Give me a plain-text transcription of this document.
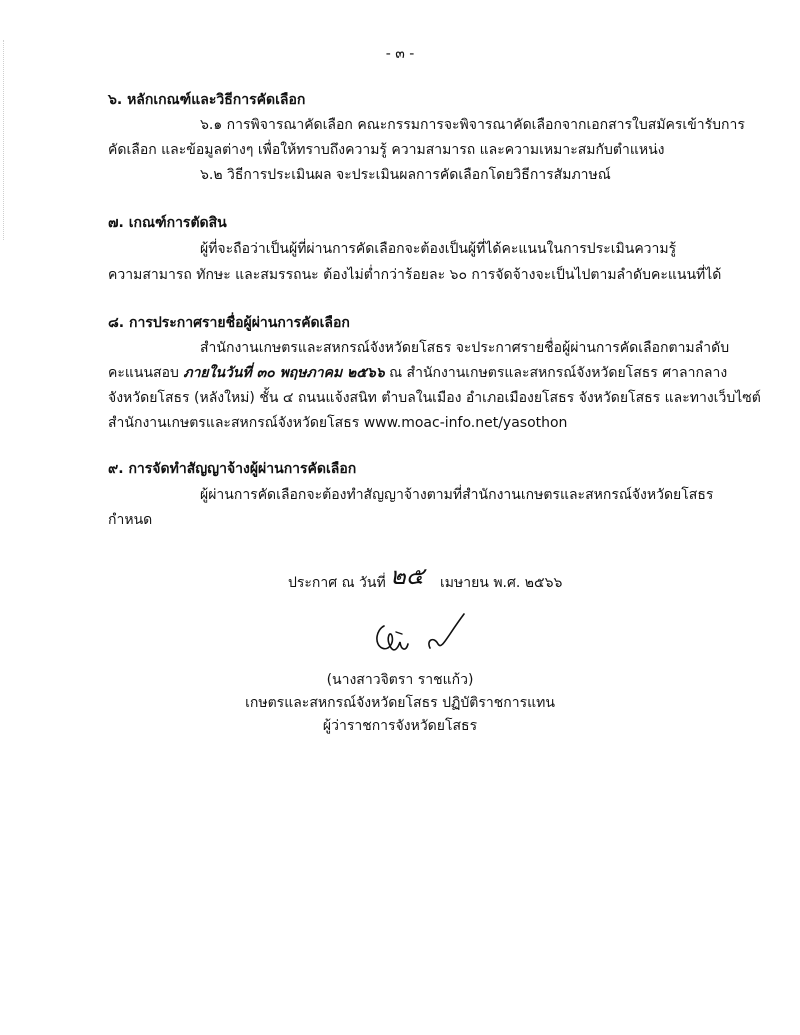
- ๓ -
๖. หลักเกณฑ์และวิธีการคัดเลือก
๖.๑ การพิจารณาคัดเลือก คณะกรรมการจะพิจารณาคัดเลือกจากเอกสารใบสมัครเข้ารับการ
คัดเลือก และข้อมูลต่างๆ เพื่อให้ทราบถึงความรู้ ความสามารถ และความเหมาะสมกับตำแหน่ง
๖.๒ วิธีการประเมินผล จะประเมินผลการคัดเลือกโดยวิธีการสัมภาษณ์
๗. เกณฑ์การตัดสิน
ผู้ที่จะถือว่าเป็นผู้ที่ผ่านการคัดเลือกจะต้องเป็นผู้ที่ได้คะแนนในการประเมินความรู้
ความสามารถ ทักษะ และสมรรถนะ ต้องไม่ต่ำกว่าร้อยละ ๖๐ การจัดจ้างจะเป็นไปตามลำดับคะแนนที่ได้
๘. การประกาศรายชื่อผู้ผ่านการคัดเลือก
สำนักงานเกษตรและสหกรณ์จังหวัดยโสธร จะประกาศรายชื่อผู้ผ่านการคัดเลือกตามลำดับ
คะแนนสอบ ภายในวันที่ ๓๐ พฤษภาคม ๒๕๖๖ ณ สำนักงานเกษตรและสหกรณ์จังหวัดยโสธร ศาลากลาง
จังหวัดยโสธร (หลังใหม่) ชั้น ๔ ถนนแจ้งสนิท ตำบลในเมือง อำเภอเมืองยโสธร จังหวัดยโสธร และทางเว็บไซต์
สำนักงานเกษตรและสหกรณ์จังหวัดยโสธร www.moac-info.net/yasothon
๙. การจัดทำสัญญาจ้างผู้ผ่านการคัดเลือก
ผู้ผ่านการคัดเลือกจะต้องทำสัญญาจ้างตามที่สำนักงานเกษตรและสหกรณ์จังหวัดยโสธร
กำหนด
ประกาศ ณ วันที่ ๒๕ เมษายน พ.ศ. ๒๕๖๖
(นางสาวจิตรา ราชแก้ว)
เกษตรและสหกรณ์จังหวัดยโสธร ปฏิบัติราชการแทน
ผู้ว่าราชการจังหวัดยโสธร
